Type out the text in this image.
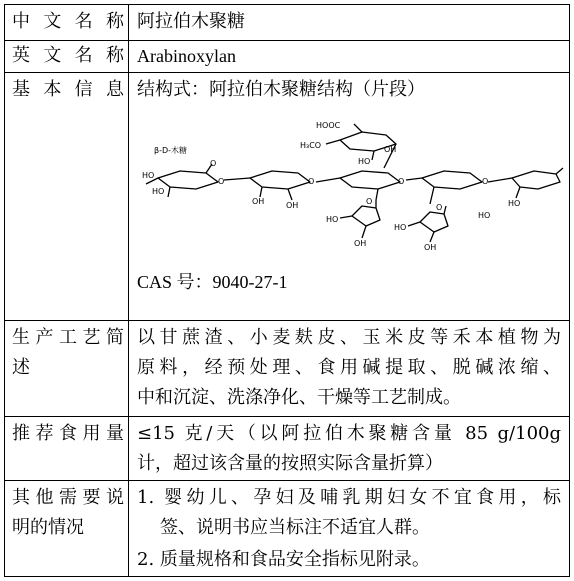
中文名称 阿拉伯木聚糖
英文名称 Arabinoxylan
基本信息 结构式：阿拉伯木聚糖结构（片段）
β-D-木糖
HO
HO
O
O
OH	OH
O
HOOC
H₃CO
HO
OH
O
HO
OH
O
O
HO
OH
O	HO
HO
CAS 号：9040-27-1
生产工艺简
述
以甘蔗渣、小麦麸皮、玉米皮等禾本植物为
原料，经预处理、食用碱提取、脱碱浓缩、
中和沉淀、洗涤净化、干燥等工艺制成。
推荐食用量 ≤15 克/天（以阿拉伯木聚糖含量 85 g/100g
计，超过该含量的按照实际含量折算）
其他需要说
明的情况
1. 婴幼儿、孕妇及哺乳期妇女不宜食用，标
签、说明书应当标注不适宜人群。
2. 质量规格和食品安全指标见附录。
